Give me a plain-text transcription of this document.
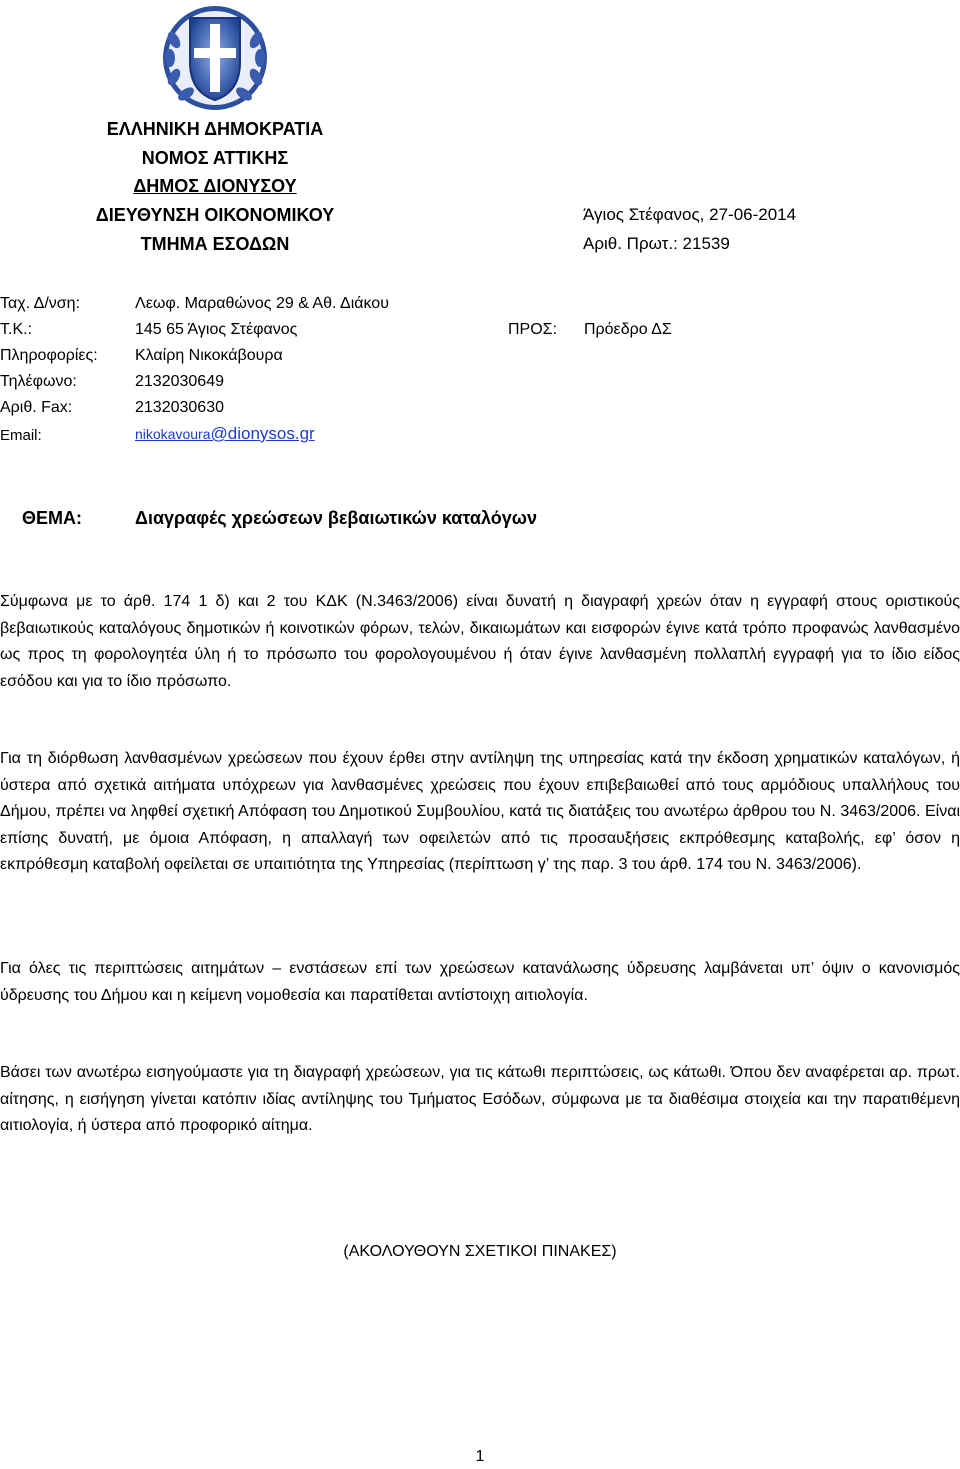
ΕΛΛΗΝΙΚΗ ΔΗΜΟΚΡΑΤΙΑ
ΝΟΜΟΣ ΑΤΤΙΚΗΣ
ΔΗΜΟΣ ΔΙΟΝΥΣΟΥ
ΔΙΕΥΘΥΝΣΗ ΟΙΚΟΝΟΜΙΚΟΥ
ΤΜΗΜΑ ΕΣΟΔΩΝ
Άγιος Στέφανος, 27-06-2014
Αριθ. Πρωτ.: 21539
Ταχ. Δ/νση:	Λεωφ. Μαραθώνος 29 & Αθ. Διάκου
Τ.Κ.:	145 65 Άγιος Στέφανος	ΠΡΟΣ: Πρόεδρο ΔΣ
Πληροφορίες:	Κλαίρη Νικοκάβουρα
Τηλέφωνο:	2132030649
Αριθ. Fax:	2132030630
Email:	nikokavoura@dionysos.gr
ΘΕΜΑ:	Διαγραφές χρεώσεων βεβαιωτικών καταλόγων
Σύμφωνα με το άρθ. 174 1 δ) και 2 του ΚΔΚ (Ν.3463/2006) είναι δυνατή η διαγραφή χρεών όταν η εγγραφή στους οριστικούς βεβαιωτικούς καταλόγους δημοτικών ή κοινοτικών φόρων, τελών, δικαιωμάτων και εισφορών έγινε κατά τρόπο προφανώς λανθασμένο ως προς τη φορολογητέα ύλη ή το πρόσωπο του φορολογουμένου ή όταν έγινε λανθασμένη πολλαπλή εγγραφή για το ίδιο είδος εσόδου και για το ίδιο πρόσωπο.
Για τη διόρθωση λανθασμένων χρεώσεων που έχουν έρθει στην αντίληψη της υπηρεσίας κατά την έκδοση χρηματικών καταλόγων, ή ύστερα από σχετικά αιτήματα υπόχρεων για λανθασμένες χρεώσεις που έχουν επιβεβαιωθεί από τους αρμόδιους υπαλλήλους του Δήμου, πρέπει να ληφθεί σχετική Απόφαση του Δημοτικού Συμβουλίου, κατά τις διατάξεις του ανωτέρω άρθρου του Ν. 3463/2006. Είναι επίσης δυνατή, με όμοια Απόφαση, η απαλλαγή των οφειλετών από τις προσαυξήσεις εκπρόθεσμης καταβολής, εφ’ όσον η εκπρόθεσμη καταβολή οφείλεται σε υπαιτιότητα της Υπηρεσίας (περίπτωση γ’ της παρ. 3 του άρθ. 174 του Ν. 3463/2006).
Για όλες τις περιπτώσεις αιτημάτων – ενστάσεων επί των χρεώσεων κατανάλωσης ύδρευσης λαμβάνεται υπ’ όψιν ο κανονισμός ύδρευσης του Δήμου και η κείμενη νομοθεσία και παρατίθεται αντίστοιχη αιτιολογία.
Βάσει των ανωτέρω εισηγούμαστε για τη διαγραφή χρεώσεων, για τις κάτωθι περιπτώσεις, ως κάτωθι. Όπου δεν αναφέρεται αρ. πρωτ. αίτησης, η εισήγηση γίνεται κατόπιν ιδίας αντίληψης του Τμήματος Εσόδων, σύμφωνα με τα διαθέσιμα στοιχεία και την παρατιθέμενη αιτιολογία, ή ύστερα από προφορικό αίτημα.
(ΑΚΟΛΟΥΘΟΥΝ ΣΧΕΤΙΚΟΙ ΠΙΝΑΚΕΣ)
1
